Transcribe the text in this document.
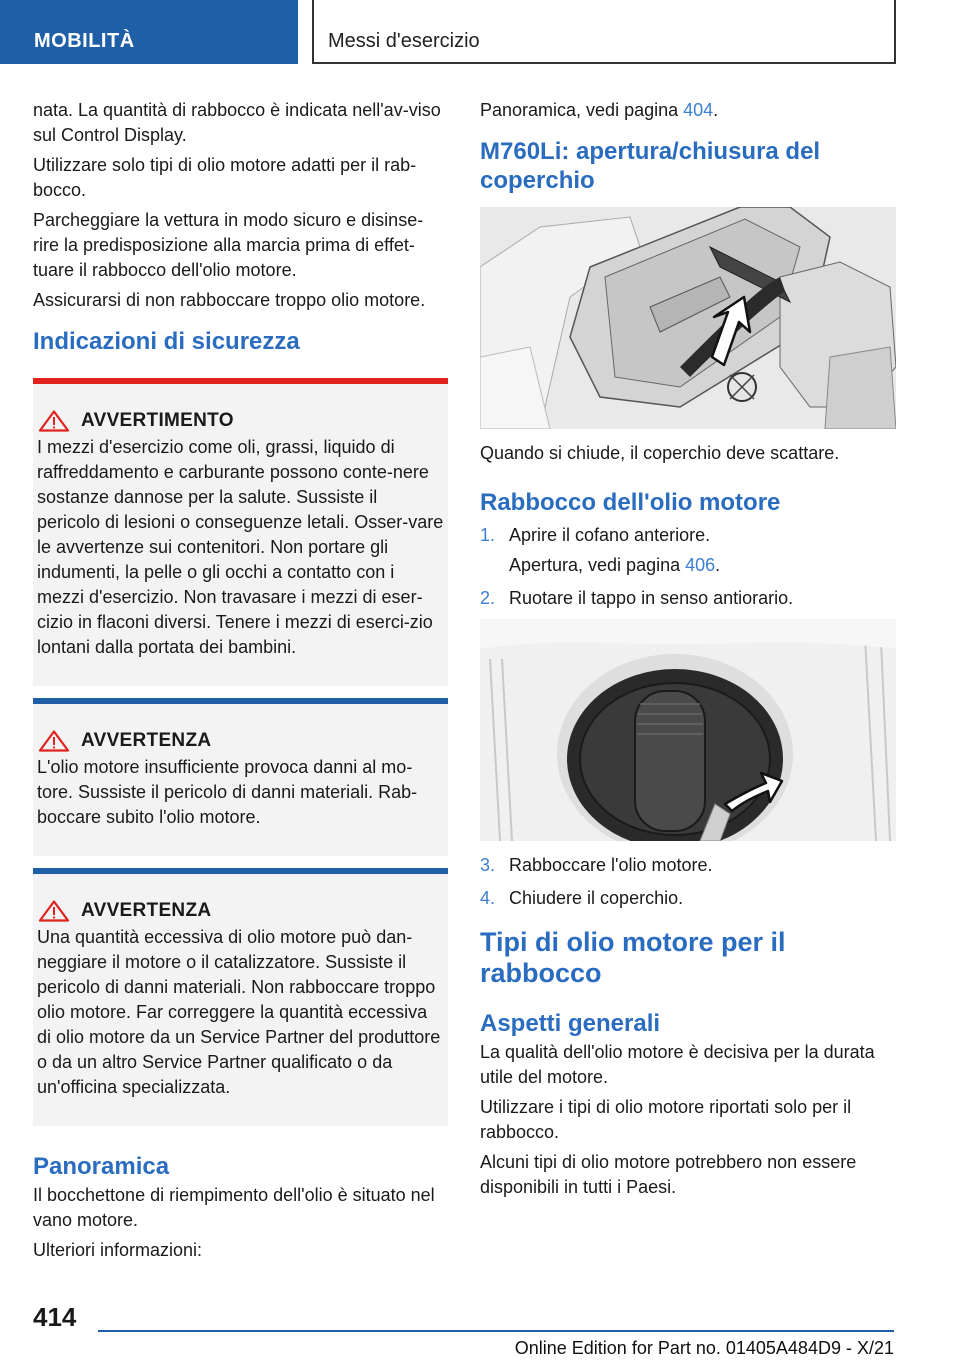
MOBILITÀ	Messi d'esercizio

nata. La quantità di rabbocco è indicata nell'av-viso sul Control Display.

Utilizzare solo tipi di olio motore adatti per il rab-bocco.

Parcheggiare la vettura in modo sicuro e disinse-rire la predisposizione alla marcia prima di effet-tuare il rabbocco dell'olio motore.

Assicurarsi di non rabboccare troppo olio motore.

Indicazioni di sicurezza
AVVERTIMENTO
I mezzi d'esercizio come oli, grassi, liquido di raffreddamento e carburante possono conte-nere sostanze dannose per la salute. Sussiste il pericolo di lesioni o conseguenze letali. Osser-vare le avvertenze sui contenitori. Non portare gli indumenti, la pelle o gli occhi a contatto con i mezzi d'esercizio. Non travasare i mezzi di eser-cizio in flaconi diversi. Tenere i mezzi di eserci-zio lontani dalla portata dei bambini.
AVVERTENZA
L'olio motore insufficiente provoca danni al mo-tore. Sussiste il pericolo di danni materiali. Rab-boccare subito l'olio motore.
AVVERTENZA
Una quantità eccessiva di olio motore può dan-neggiare il motore o il catalizzatore. Sussiste il pericolo di danni materiali. Non rabboccare troppo olio motore. Far correggere la quantità eccessiva di olio motore da un Service Partner del produttore o da un altro Service Partner qualificato o da un'officina specializzata.
Panoramica

Il bocchettone di riempimento dell'olio è situato nel vano motore.

Ulteriori informazioni:

Panoramica, vedi pagina 404.

M760Li: apertura/chiusura del coperchio

Quando si chiude, il coperchio deve scattare.

Rabbocco dell'olio motore
1. Aprire il cofano anteriore.
Apertura, vedi pagina 406.
2. Ruotare il tappo in senso antiorario.
3. Rabboccare l'olio motore.
4. Chiudere il coperchio.
Tipi di olio motore per il rabbocco
Aspetti generali

La qualità dell'olio motore è decisiva per la durata utile del motore.

Utilizzare i tipi di olio motore riportati solo per il rabbocco.

Alcuni tipi di olio motore potrebbero non essere disponibili in tutti i Paesi.

414
Online Edition for Part no. 01405A484D9 - X/21
